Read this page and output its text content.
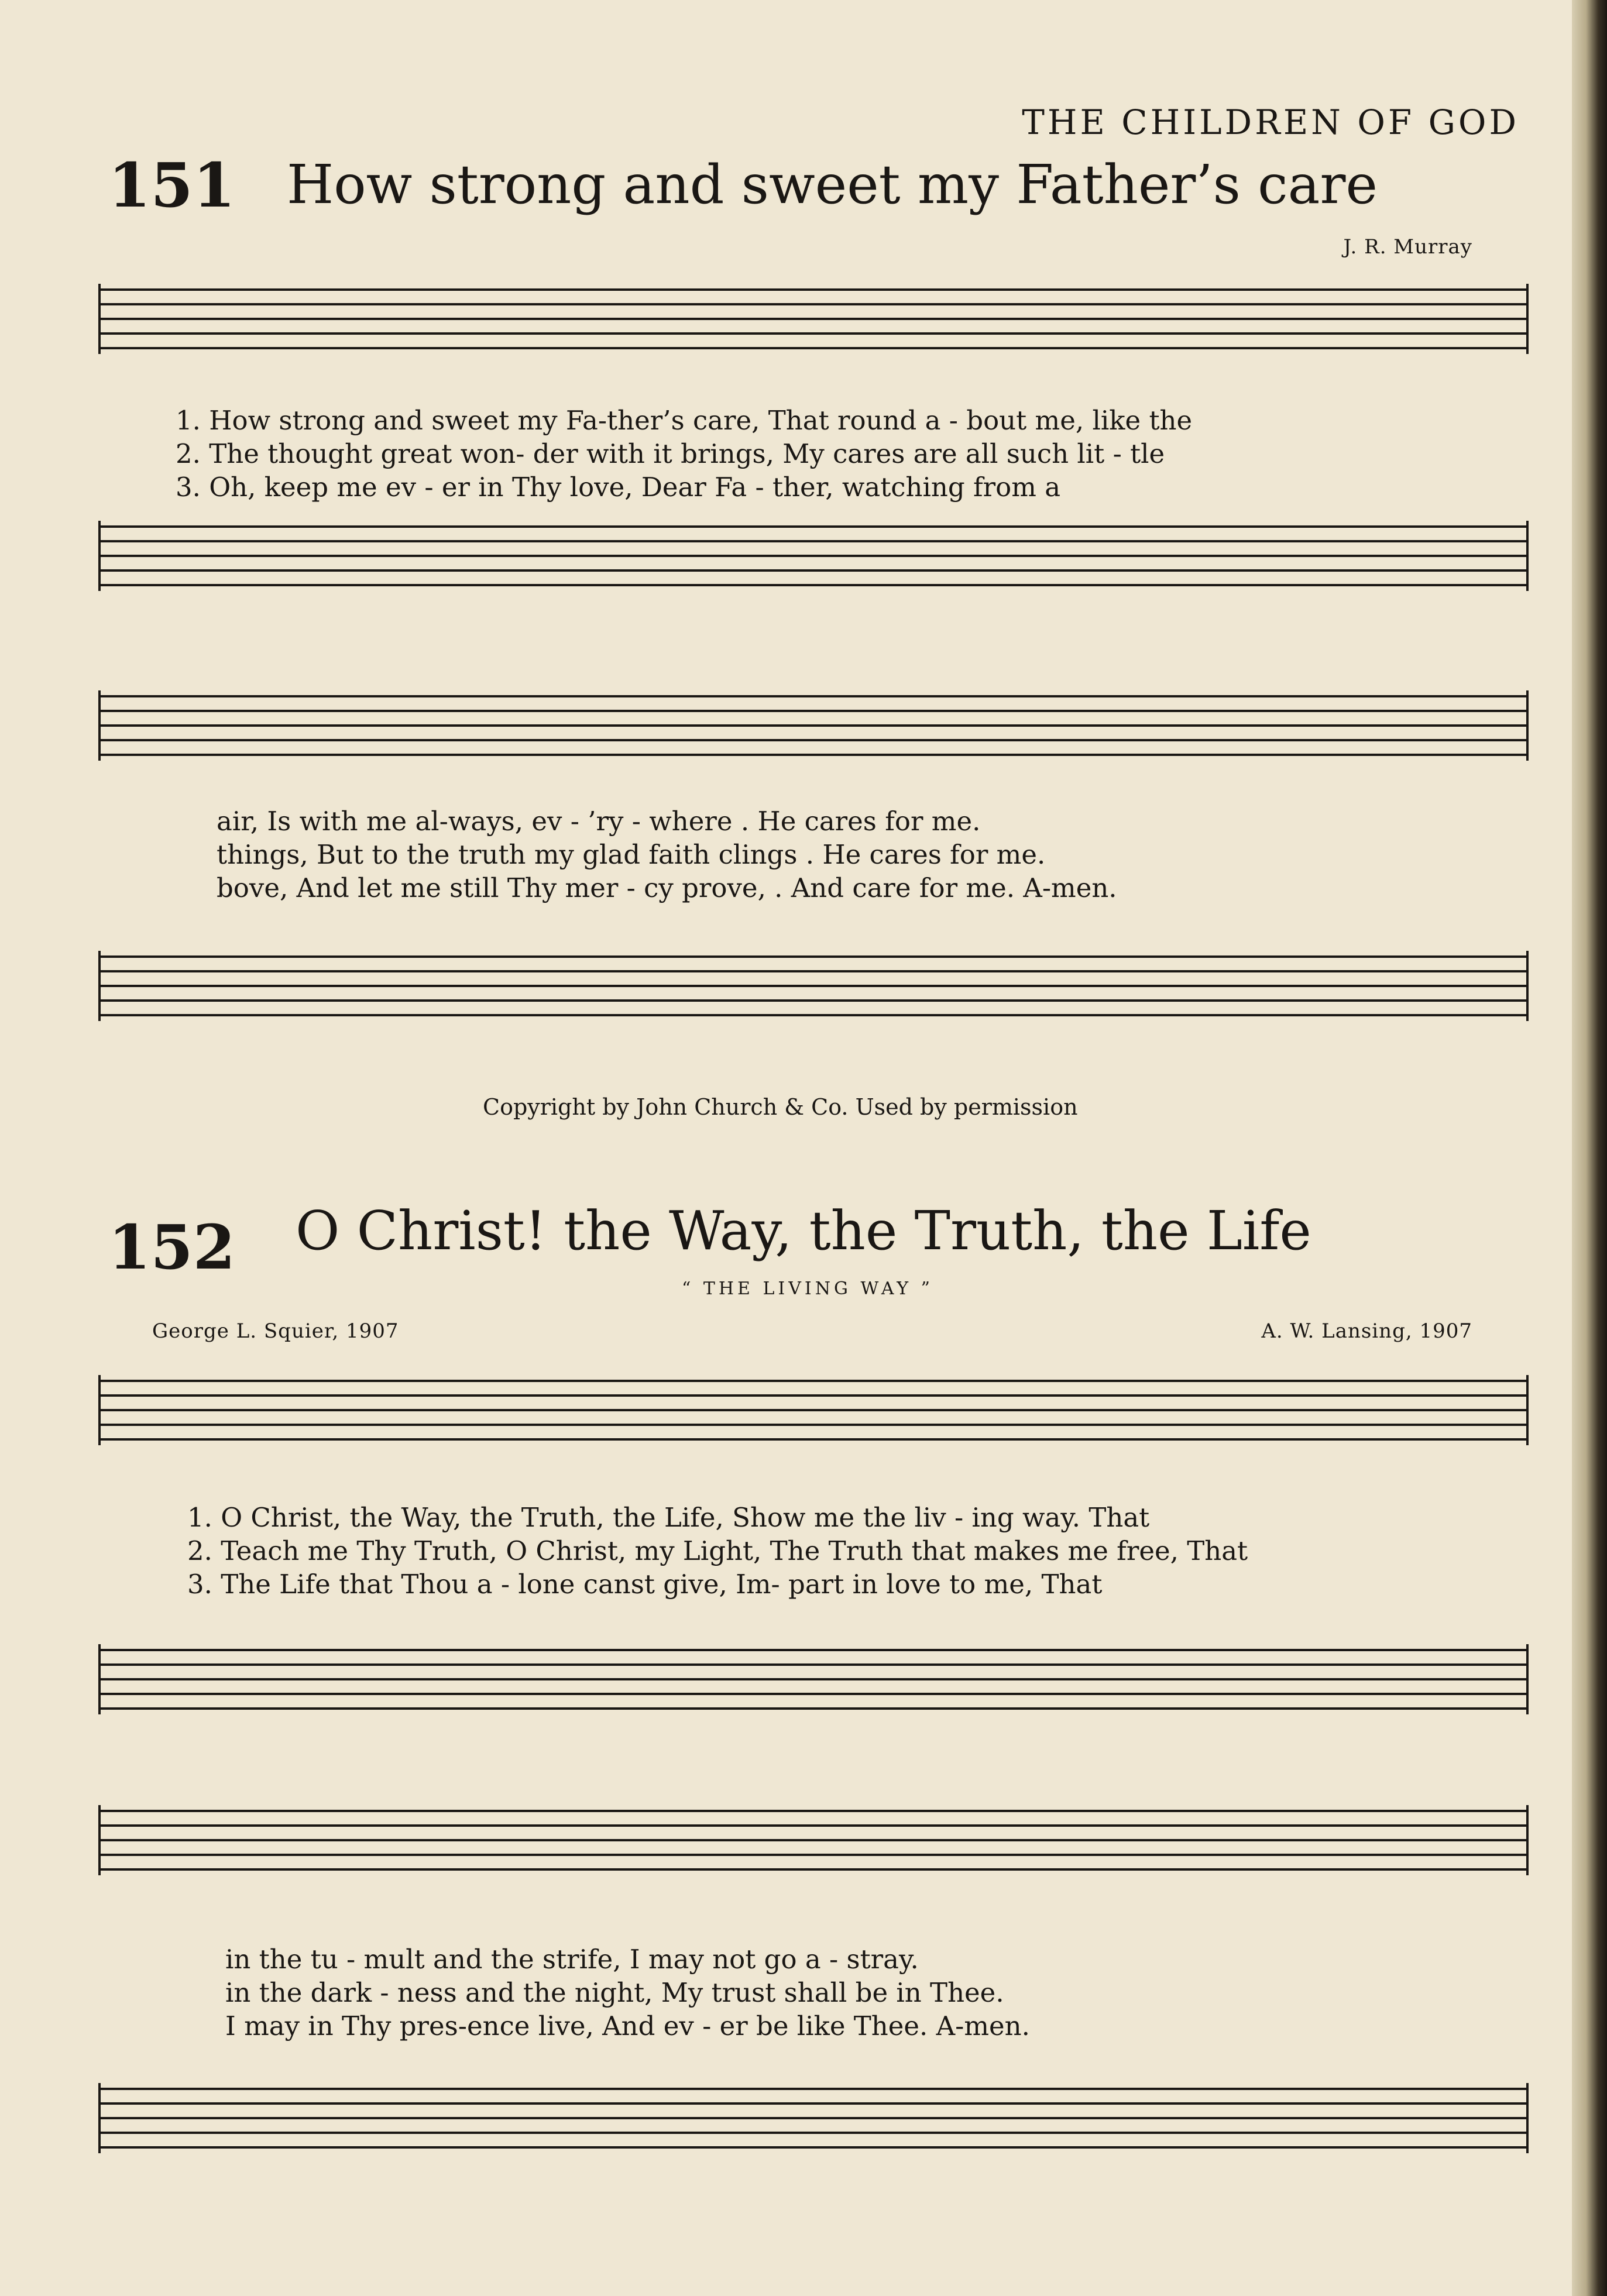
THE CHILDREN OF GOD
151 How strong and sweet my Father’s care
J. R. Murray
1. How strong and sweet my Fa-ther’s care, That round a - bout me, like the
2. The thought great won- der with it brings, My cares are all such lit - tle
3. Oh, keep me ev - er in Thy love, Dear Fa - ther, watching from a
air, Is with me al-ways, ev - ’ry - where . He cares for me.
things, But to the truth my glad faith clings . He cares for me.
bove, And let me still Thy mer - cy prove, . And care for me. A-men.
Copyright by John Church & Co. Used by permission
152 O Christ! the Way, the Truth, the Life
“ THE LIVING WAY ”
George L. Squier, 1907	A. W. Lansing, 1907
1. O Christ, the Way, the Truth, the Life, Show me the liv - ing way. That
2. Teach me Thy Truth, O Christ, my Light, The Truth that makes me free, That
3. The Life that Thou a - lone canst give, Im- part in love to me, That
in the tu - mult and the strife, I may not go a - stray.
in the dark - ness and the night, My trust shall be in Thee.
I may in Thy pres-ence live, And ev - er be like Thee. A-men.
